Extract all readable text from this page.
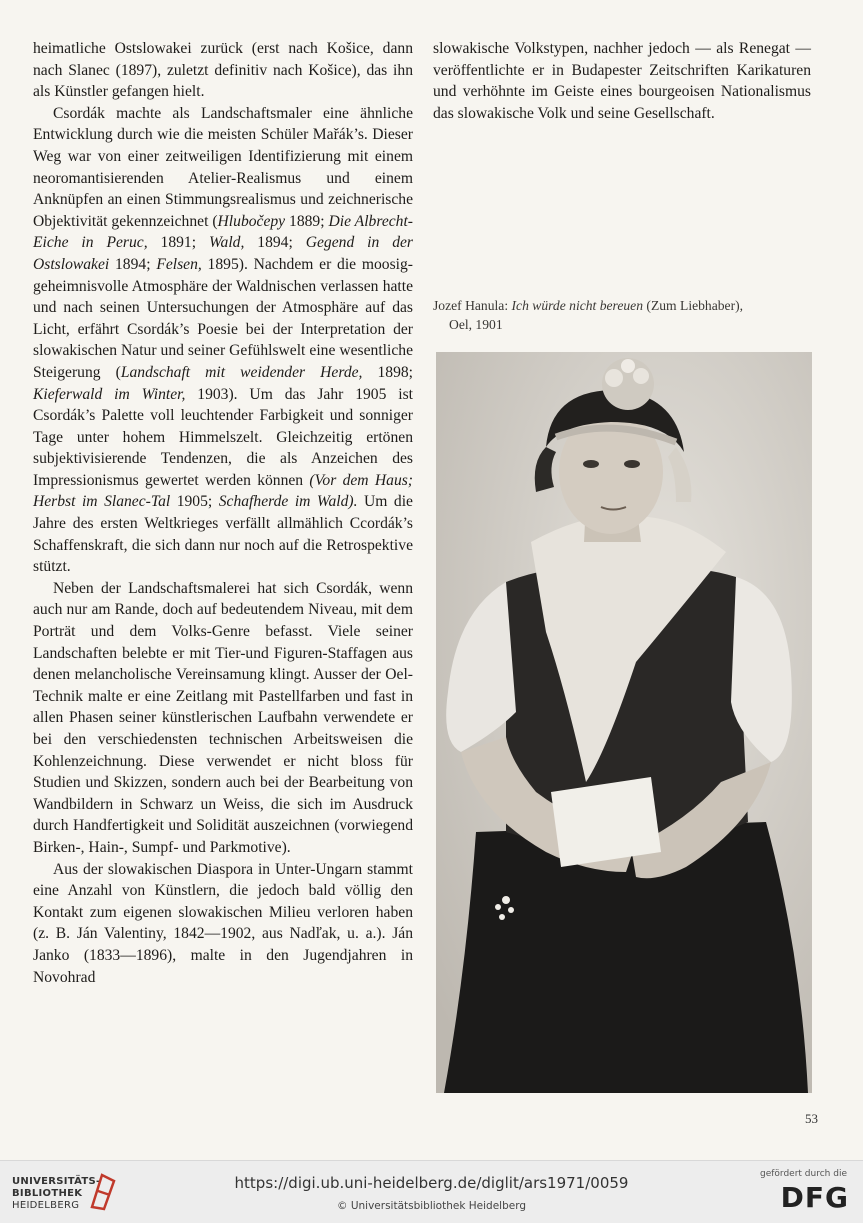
heimatliche Ostslowakei zurück (erst nach Košice, dann nach Slanec (1897), zuletzt definitiv nach Košice), das ihn als Künstler gefangen hielt.

Csordák machte als Landschaftsmaler eine ähnliche Entwicklung durch wie die meisten Schüler Mařák’s. Dieser Weg war von einer zeitweiligen Identifizierung mit einem neoromantisierenden Atelier-Realismus und einem Anknüpfen an einen Stimmungsrealismus und zeichnerische Objektivität gekennzeichnet (Hlubočepy 1889; Die Albrecht- Eiche in Peruc, 1891; Wald, 1894; Gegend in der Ostslowakei 1894; Felsen, 1895). Nachdem er die moosig-geheimnisvolle Atmosphäre der Waldnischen verlassen hatte und nach seinen Untersuchungen der Atmosphäre auf das Licht, erfährt Csordák’s Poesie bei der Interpretation der slowakischen Natur und seiner Gefühlswelt eine wesentliche Steigerung (Landschaft mit weidender Herde, 1898; Kieferwald im Winter, 1903). Um das Jahr 1905 ist Csordák’s Palette voll leuchtender Farbigkeit und sonniger Tage unter hohem Himmelszelt. Gleichzeitig ertönen subjektivisierende Tendenzen, die als Anzeichen des Impressionismus gewertet werden können (Vor dem Haus; Herbst im Slanec-Tal 1905; Schafherde im Wald). Um die Jahre des ersten Weltkrieges verfällt allmählich Ccordák’s Schaffenskraft, die sich dann nur noch auf die Retrospektive stützt.

Neben der Landschaftsmalerei hat sich Csordák, wenn auch nur am Rande, doch auf bedeutendem Niveau, mit dem Porträt und dem Volks-Genre befasst. Viele seiner Landschaften belebte er mit Tier-und Figuren-Staffagen aus denen melancholische Vereinsamung klingt. Ausser der Oel-Technik malte er eine Zeitlang mit Pastellfarben und fast in allen Phasen seiner künstlerischen Laufbahn verwendete er bei den verschiedensten technischen Arbeitsweisen die Kohlenzeichnung. Diese verwendet er nicht bloss für Studien und Skizzen, sondern auch bei der Bearbeitung von Wandbildern in Schwarz un Weiss, die sich im Ausdruck durch Handfertigkeit und Solidität auszeichnen (vorwiegend Birken-, Hain-, Sumpf- und Parkmotive).

Aus der slowakischen Diaspora in Unter-Ungarn stammt eine Anzahl von Künstlern, die jedoch bald völlig den Kontakt zum eigenen slowakischen Milieu verloren haben (z. B. Ján Valentiny, 1842—1902, aus Nadľak, u. a.). Ján Janko (1833—1896), malte in den Jugendjahren in Novohrad

slowakische Volkstypen, nachher jedoch — als Renegat — veröffentlichte er in Budapester Zeitschriften Karikaturen und verhöhnte im Geiste eines bourgeoisen Nationalismus das slowakische Volk und seine Gesellschaft.

Jozef Hanula: Ich würde nicht bereuen (Zum Liebhaber),
Oel, 1901
53
UNIVERSITÄTS-
BIBLIOTHEK
HEIDELBERG
https://digi.ub.uni-heidelberg.de/diglit/ars1971/0059
© Universitätsbibliothek Heidelberg
gefördert durch die
DFG
